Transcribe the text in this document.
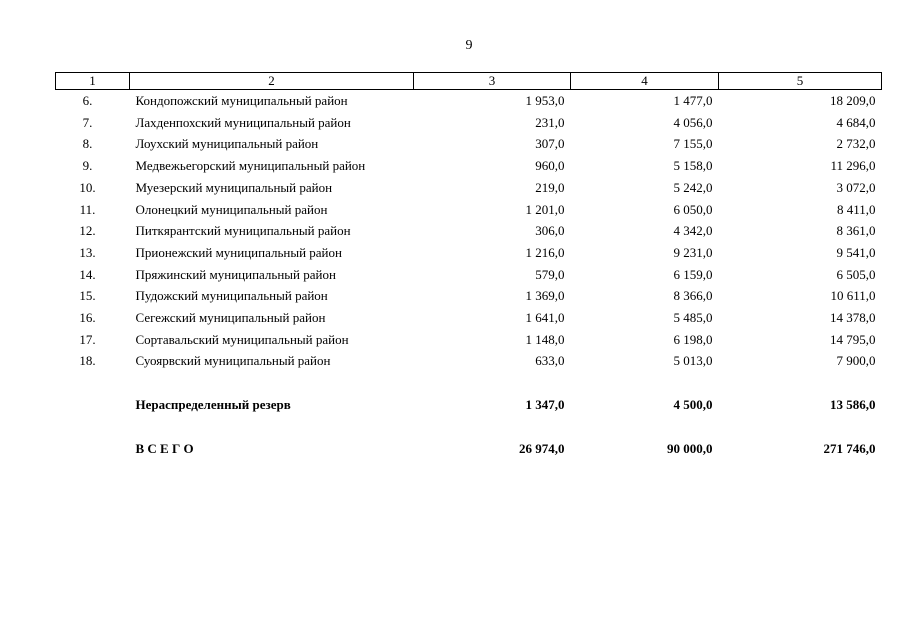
9
1	2	3	4	5
6.	Кондопожский муниципальный район	1 953,0	1 477,0	18 209,0
7.	Лахденпохский муниципальный район	231,0	4 056,0	4 684,0
8.	Лоухский муниципальный район	307,0	7 155,0	2 732,0
9.	Медвежьегорский муниципальный район	960,0	5 158,0	11 296,0
10.	Муезерский муниципальный район	219,0	5 242,0	3 072,0
11.	Олонецкий муниципальный район	1 201,0	6 050,0	8 411,0
12.	Питкярантский муниципальный район	306,0	4 342,0	8 361,0
13.	Прионежский муниципальный район	1 216,0	9 231,0	9 541,0
14.	Пряжинский муниципальный район	579,0	6 159,0	6 505,0
15.	Пудожский муниципальный район	1 369,0	8 366,0	10 611,0
16.	Сегежский муниципальный район	1 641,0	5 485,0	14 378,0
17.	Сортавальский муниципальный район	1 148,0	6 198,0	14 795,0
18.	Суоярвский муниципальный район	633,0	5 013,0	7 900,0

	Нераспределенный резерв	1 347,0	4 500,0	13 586,0

	В С Е Г О	26 974,0	90 000,0	271 746,0
